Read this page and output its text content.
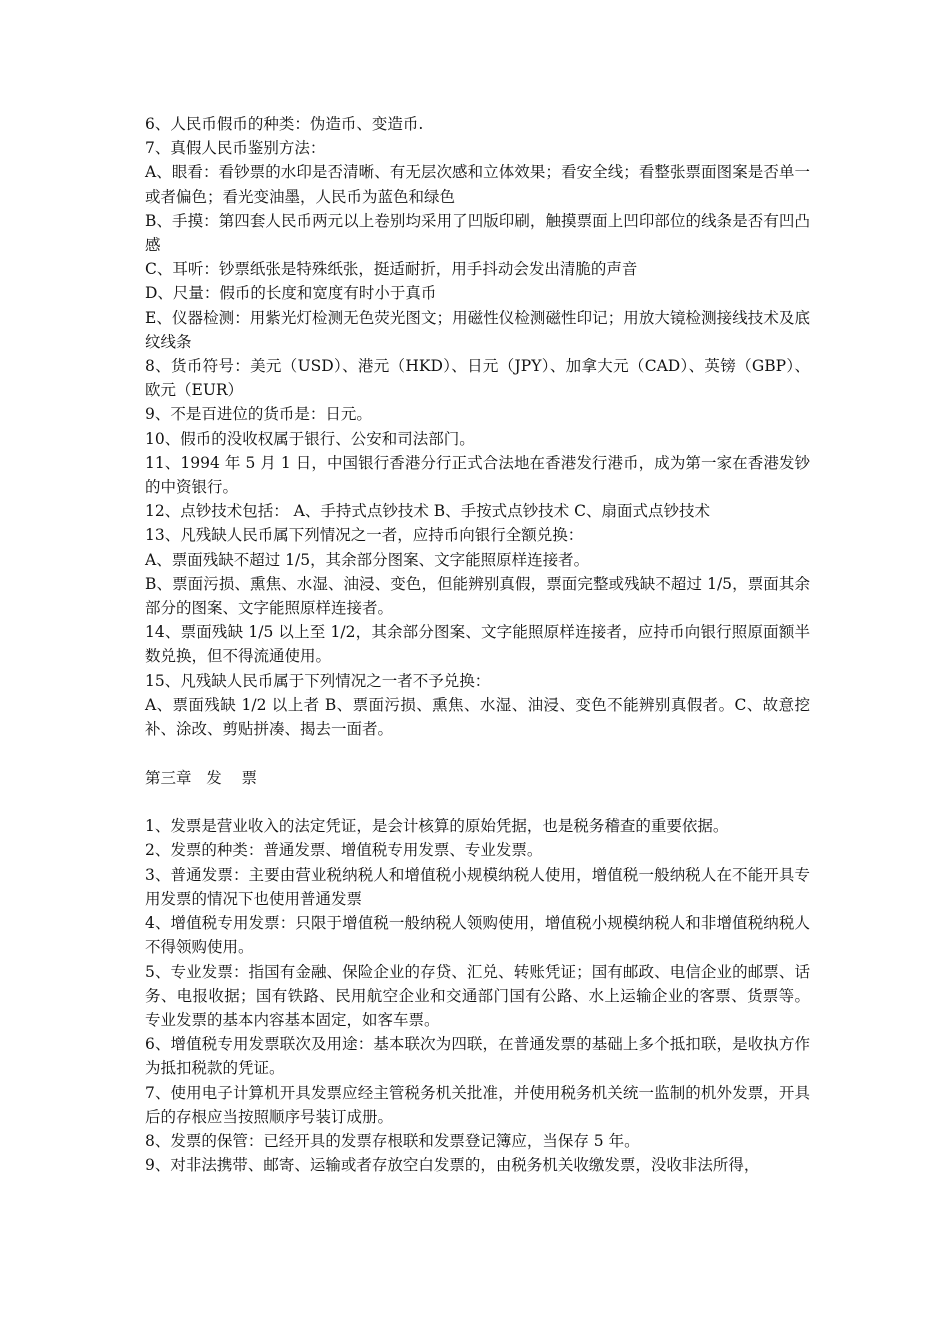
6、人民币假币的种类：伪造币、变造币.

7、真假人民币鉴别方法：

A、眼看：看钞票的水印是否清晰、有无层次感和立体效果；看安全线；看整张票面图案是否单一或者偏色；看光变油墨，人民币为蓝色和绿色

B、手摸：第四套人民币两元以上卷别均采用了凹版印刷，触摸票面上凹印部位的线条是否有凹凸感

C、耳听：钞票纸张是特殊纸张，挺适耐折，用手抖动会发出清脆的声音

D、尺量：假币的长度和宽度有时小于真币

E、仪器检测：用紫光灯检测无色荧光图文；用磁性仪检测磁性印记；用放大镜检测接线技术及底纹线条

8、货币符号：美元（USD）、港元（HKD）、日元（JPY）、加拿大元（CAD）、英镑（GBP）、欧元（EUR）

9、不是百进位的货币是：日元。

10、假币的没收权属于银行、公安和司法部门。

11、1994 年 5 月 1 日，中国银行香港分行正式合法地在香港发行港币，成为第一家在香港发钞的中资银行。

12、点钞技术包括： A、手持式点钞技术 B、手按式点钞技术 C、扇面式点钞技术

13、凡残缺人民币属下列情况之一者，应持币向银行全额兑换：

A、票面残缺不超过 1/5，其余部分图案、文字能照原样连接者。

B、票面污损、熏焦、水湿、油浸、变色，但能辨别真假，票面完整或残缺不超过 1/5，票面其余部分的图案、文字能照原样连接者。

14、票面残缺 1/5 以上至 1/2，其余部分图案、文字能照原样连接者，应持币向银行照原面额半数兑换，但不得流通使用。

15、凡残缺人民币属于下列情况之一者不予兑换：

A、票面残缺 1/2 以上者 B、票面污损、熏焦、水湿、油浸、变色不能辨别真假者。C、故意挖补、涂改、剪贴拼凑、揭去一面者。

第三章   发    票

1、发票是营业收入的法定凭证，是会计核算的原始凭据，也是税务稽查的重要依据。

2、发票的种类：普通发票、增值税专用发票、专业发票。

3、普通发票：主要由营业税纳税人和增值税小规模纳税人使用，增值税一般纳税人在不能开具专用发票的情况下也使用普通发票

4、增值税专用发票：只限于增值税一般纳税人领购使用，增值税小规模纳税人和非增值税纳税人不得领购使用。

5、专业发票：指国有金融、保险企业的存贷、汇兑、转账凭证；国有邮政、电信企业的邮票、话务、电报收据；国有铁路、民用航空企业和交通部门国有公路、水上运输企业的客票、货票等。专业发票的基本内容基本固定，如客车票。

6、增值税专用发票联次及用途：基本联次为四联，在普通发票的基础上多个抵扣联，是收执方作为抵扣税款的凭证。

7、使用电子计算机开具发票应经主管税务机关批准，并使用税务机关统一监制的机外发票，开具后的存根应当按照顺序号装订成册。

8、发票的保管：已经开具的发票存根联和发票登记簿应，当保存 5 年。

9、对非法携带、邮寄、运输或者存放空白发票的，由税务机关收缴发票，没收非法所得，
